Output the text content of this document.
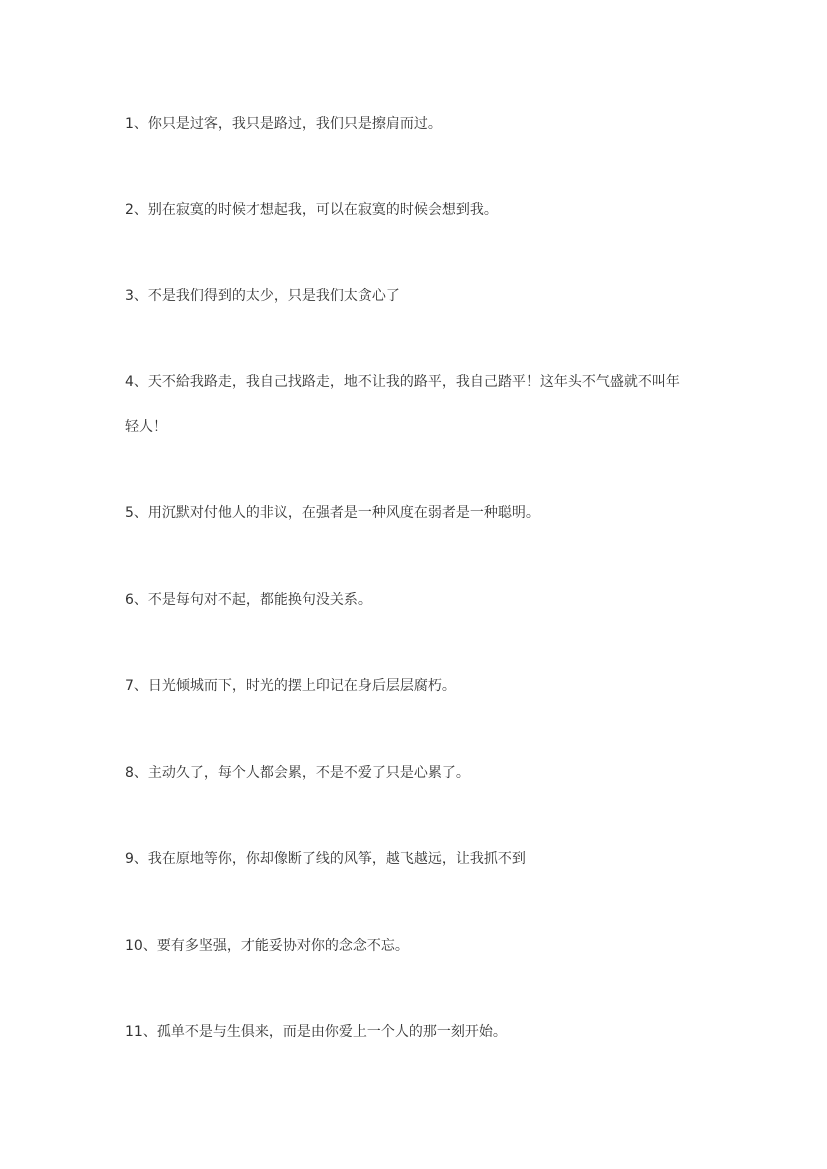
1、你只是过客，我只是路过，我们只是擦肩而过。

2、别在寂寞的时候才想起我，可以在寂寞的时候会想到我。

3、不是我们得到的太少，只是我们太贪心了

4、天不給我路走，我自己找路走，地不让我的路平，我自己踏平！这年头不气盛就不叫年

轻人！

5、用沉默对付他人的非议，在强者是一种风度在弱者是一种聪明。

6、不是每句对不起，都能换句没关系。

7、日光倾城而下，时光的摆上印记在身后层层腐朽。

8、主动久了，每个人都会累，不是不爱了只是心累了。

9、我在原地等你，你却像断了线的风筝，越飞越远，让我抓不到

10、要有多坚强，才能妥协对你的念念不忘。

11、孤单不是与生俱来，而是由你爱上一个人的那一刻开始。
